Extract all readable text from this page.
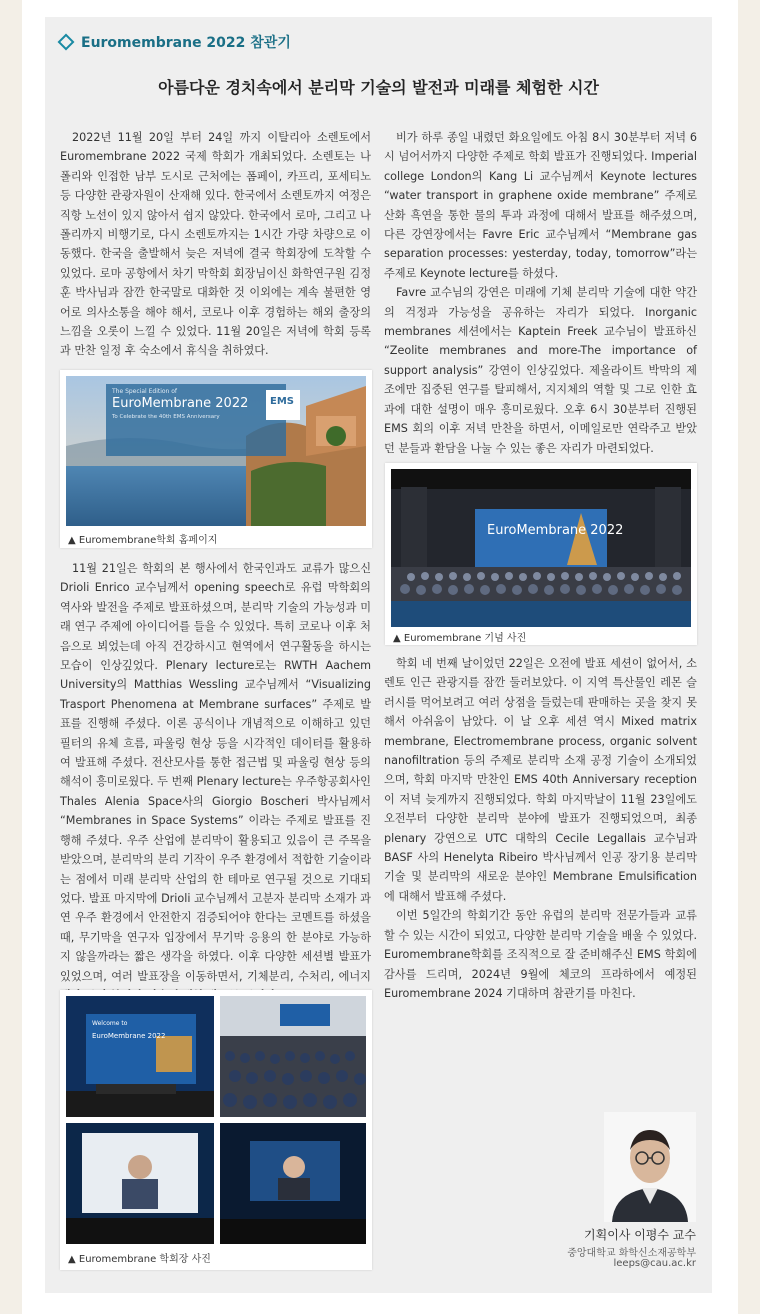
Euromembrane 2022 참관기
아름다운 경치속에서 분리막 기술의 발전과 미래를 체험한 시간

2022년 11월 20일 부터 24일 까지 이탈리아 소렌토에서 Euromembrane 2022 국제 학회가 개최되었다. 소렌토는 나폴리와 인접한 남부 도시로 근처에는 폼페이, 카프리, 포세티노 등 다양한 관광자원이 산재해 있다. 한국에서 소렌토까지 여정은 직항 노선이 있지 않아서 쉽지 않았다. 한국에서 로마, 그리고 나폴리까지 비행기로, 다시 소렌토까지는 1시간 가량 차량으로 이동했다. 한국을 출발해서 늦은 저녁에 결국 학회장에 도착할 수 있었다. 로마 공항에서 차기 막학회 회장님이신 화학연구원 김정훈 박사님과 잠깐 한국말로 대화한 것 이외에는 계속 불편한 영어로 의사소통을 해야 해서, 코로나 이후 경험하는 해외 출장의 느낌을 오롯이 느낄 수 있었다. 11월 20일은 저녁에 학회 등록과 만찬 일정 후 숙소에서 휴식을 취하였다.

The Special Edition of
EuroMembrane 2022
To Celebrate the 40th EMS Anniversary
EMS
▲ Euromembrane학회 홈페이지

11월 21일은 학회의 본 행사에서 한국인과도 교류가 많으신 Drioli Enrico 교수님께서 opening speech로 유럽 막학회의 역사와 발전을 주제로 발표하셨으며, 분리막 기술의 가능성과 미래 연구 주제에 아이디어를 들을 수 있었다. 특히 코로나 이후 처음으로 뵈었는데 아직 건강하시고 현역에서 연구활동을 하시는 모습이 인상깊었다. Plenary lecture로는 RWTH Aachem University의 Matthias Wessling 교수님께서 “Visualizing Trasport Phenomena at Membrane surfaces” 주제로 발표를 진행해 주셨다. 이론 공식이나 개념적으로 이해하고 있던 필터의 유체 흐름, 파울링 현상 등을 시각적인 데이터를 활용하여 발표해 주셨다. 전산모사를 통한 접근법 및 파울링 현상 등의 해석이 흥미로웠다. 두 번째 Plenary lecture는 우주항공회사인 Thales Alenia Space사의 Giorgio Boscheri 박사님께서 “Membranes in Space Systems” 이라는 주제로 발표를 진행해 주셨다. 우주 산업에 분리막이 활용되고 있음이 큰 주목을 받았으며, 분리막의 분리 기작이 우주 환경에서 적합한 기술이라는 점에서 미래 분리막 산업의 한 테마로 연구될 것으로 기대되었다. 발표 마지막에 Drioli 교수님께서 고분자 분리막 소재가 과연 우주 환경에서 안전한지 검증되어야 한다는 코멘트를 하셨을 때, 무기막을 연구자 입장에서 무기막 응용의 한 분야로 가능하지 않을까라는 짧은 생각을 하였다. 이후 다양한 세션별 발표가 있었으며, 여러 발표장을 이동하면서, 기체분리, 수처리, 에너지

Welcome to
EuroMembrane 2022
▲ Euromembrane 학회장 사진

비가 하루 종일 내렸던 화요일에도 아침 8시 30분부터 저녁 6시 넘어서까지 다양한 주제로 학회 발표가 진행되었다. Imperial college London의 Kang Li 교수님께서 Keynote lectures “water transport in graphene oxide membrane” 주제로 산화 흑연을 통한 물의 투과 과정에 대해서 발표를 해주셨으며, 다른 강연장에서는 Favre Eric 교수님께서 “Membrane gas separation processes: yesterday, today, tomorrow”라는 주제로 Keynote lecture를 하셨다.

Favre 교수님의 강연은 미래에 기체 분리막 기술에 대한 약간의 걱정과 가능성을 공유하는 자리가 되었다. Inorganic membranes 세션에서는 Kaptein Freek 교수님이 발표하신 “Zeolite membranes and more-The importance of support analysis” 강연이 인상깊었다. 제올라이트 박막의 제조에만 집중된 연구를 탈피해서, 지지체의 역할 및 그로 인한 효과에 대한 설명이 매우 흥미로웠다. 오후 6시 30분부터 진행된 EMS 회의 이후 저녁 만찬을 하면서, 이메일로만 연락주고 받았던 분들과 환담을 나눌 수 있는 좋은 자리가 마련되었다.

EuroMembrane 2022
▲ Euromembrane 기념 사진

학회 네 번째 날이었던 22일은 오전에 발표 세션이 없어서, 소렌토 인근 관광지를 잠깐 둘러보았다. 이 지역 특산물인 레몬 슬러시를 먹어보려고 여러 상점을 들렀는데 판매하는 곳을 찾지 못해서 아쉬움이 남았다. 이 날 오후 세션 역시 Mixed matrix membrane, Electromembrane process, organic solvent nanofiltration 등의 주제로 분리막 소재 공정 기술이 소개되었으며, 학회 마지막 만찬인 EMS 40th Anniversary reception이 저녁 늦게까지 진행되었다. 학회 마지막날이 11월 23일에도 오전부터 다양한 분리막 분야에 발표가 진행되었으며, 최종 plenary 강연으로 UTC 대학의 Cecile Legallais 교수님과 BASF 사의 Henelyta Ribeiro 박사님께서 인공 장기용 분리막 기술 및 분리막의 새로운 분야인 Membrane Emulsification 에 대해서 발표해 주셨다.

이번 5일간의 학회기간 동안 유럽의 분리막 전문가들과 교류할 수 있는 시간이 되었고, 다양한 분리막 기술을 배울 수 있었다. Euromembrane학회를 조직적으로 잘 준비해주신 EMS 학회에 감사를 드리며, 2024년 9월에 체코의 프라하에서 예정된 Euromembrane 2024 기대하며 참관기를 마친다.

기획이사 이평수 교수
중앙대학교 화학신소재공학부
leeps@cau.ac.kr
